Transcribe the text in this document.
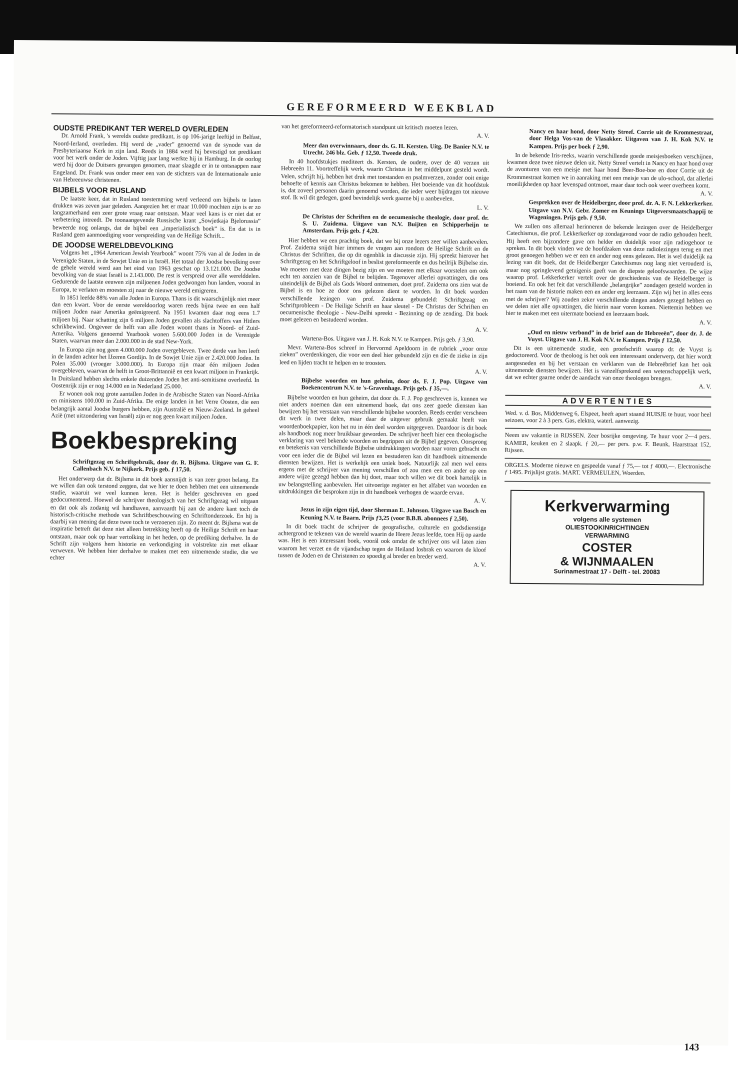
GEREFORMEERD WEEKBLAD
OUDSTE PREDIKANT TER WERELD OVERLEDEN

Dr. Arnold Frank, 's werelds oudste predikant, is op 106-jarige leeftijd in Belfast, Noord-Ierland, overleden. Hij werd de „vader” genoemd van de synode van de Presbyteriaanse Kerk in zijn land. Reeds in 1884 werd hij bevestigd tot predikant voor het werk onder de Joden. Vijftig jaar lang werkte hij in Hamburg. In de oorlog werd hij door de Duitsers gevangen genomen, maar slaagde er in te ontsnappen naar Engeland. Dr. Frank was onder meer een van de stichters van de Internationale unie van Hebreeuwse christenen.

BIJBELS VOOR RUSLAND

De laatste keer, dat in Rusland toestemming werd verleend om bijbels te laten drukken was zeven jaar geleden. Aangezien het er maar 10.000 mochten zijn is er zo langzamerhand een zeer grote vraag naar ontstaan. Maar veel kans is er niet dat er verbetering intreedt. De toonaangevende Russische krant „Sowjetkaja Bjelorussia” beweerde nog onlangs, dat de bijbel een „imperialistisch boek” is. En dat is in Rusland geen aanmoediging voor verspreiding van de Heilige Schrift...

DE JOODSE WERELDBEVOLKING

Volgens het „1964 American Jewish Yearbook” woont 75% van al de Joden in de Verenigde Staten, in de Sowjet Unie en in Israël. Het totaal der Joodse bevolking over de gehele wereld werd aan het eind van 1963 geschat op 13.121.000. De Joodse bevolking van de staat Israël is 2.143.000. De rest is verspreid over alle werelddelen. Gedurende de laatste eeuwen zijn miljoenen Joden gedwongen hun landen, vooral in Europa, te verlaten en moesten zij naar de nieuwe wereld emigreren.

In 1851 leefde 88% van alle Joden in Europa. Thans is dit waarschijnlijk niet meer dan een kwart. Voor de eerste wereldoorlog waren reeds bijna twee en een half miljoen Joden naar Amerika geëmigreerd. Na 1951 kwamen daar nog eens 1.7 miljoen bij. Naar schatting zijn 6 miljoen Joden gevallen als slachtoffers van Hitlers schrikbewind. Ongeveer de helft van alle Joden woont thans in Noord- of Zuid-Amerika. Volgens genoemd Yearbook wonen 5.600.000 Joden in de Verenigde Staten, waarvan meer dan 2.000.000 in de stad New-York.

In Europa zijn nog geen 4.000.000 Joden overgebleven. Twee derde van hen leeft in de landen achter het IJzeren Gordijn. In de Sowjet Unie zijn er 2.420.000 Joden. In Polen 35.000 (vroeger 3.000.000). In Europa zijn maar één miljoen Joden overgebleven, waarvan de helft in Groot-Brittannië en een kwart miljoen in Frankrijk. In Duitsland hebben slechts enkele duizenden Joden het anti-semitisme overleefd. In Oostenrijk zijn er nog 14.000 en in Nederland 25.000.

Er wonen ook nog grote aantallen Joden in de Arabische Staten van Noord-Afrika en ministens 100.000 in Zuid-Afrika. De enige landen in het Verre Oosten, die een belangrijk aantal Joodse burgers hebben, zijn Australië en Nieuw-Zeeland. In geheel Azië (met uitzondering van Israël) zijn er nog geen kwart miljoen Joden.

Boekbespreking

Schriftgezag en Schriftgebruik, door dr. R. Bijlsma. Uitgave van G. F. Callenbach N.V. te Nijkerk. Prijs geb. ƒ 17,50.

Het onderwerp dat dr. Bijlsma in dit boek aansnijdt is van zeer groot belang. En we willen dan ook terstond zeggen, dat we hier te doen hebben met een uitnemende studie, waaruit we veel kunnen leren. Het is helder geschreven en goed gedocumenteerd. Hoewel de schrijver theologisch van het Schriftgezag wil uitgaan en dat ook als zodanig wil handhaven, aanvaardt hij aan de andere kant toch de historisch-critische methode van Schriftbeschouwing en Schriftonderzoek. En hij is daarbij van mening dat deze twee toch te verzoenen zijn. Zo meent dr. Bijlsma wat de inspiratie betreft dat deze niet alleen betrekking heeft op de Heilige Schrift en haar ontstaan, maar ook op haar vertolking in het heden, op de prediking derhalve. In de Schrift zijn volgens hem historie en verkondiging in volstrekte zin met elkaar verweven. We hebben hier derhalve te maken met een uitnemende studie, die we echter

van het gereformeerd-reformatorisch standpunt uit kritisch moeten lezen.

A. V.

Meer dan overwinnaars, door ds. G. H. Kersten. Uitg. De Banier N.V. te Utrecht. 246 blz. Geb. ƒ 12,50. Tweede druk.

In 40 hoofdstukjes mediteert ds. Kersten, de oudere, over de 40 verzen uit Hebreeën 11. Voortreffelijk werk, waarin Christus in het middelpunt gesteld wordt. Velen, schrijft hij, hebben het druk met toestanden en psalmverzen, zonder ooit enige behoefte of kennis aan Christus bekomen te hebben. Het boeiende van dit hoofdstuk is, dat zoveel personen daarin genoemd worden, die ieder weer bijdragen tot nieuwe stof. Ik wil dit gedegen, goed bevindelijk werk gaarne bij u aanbevelen.

L. V.

De Christus der Schriften en de oecumenische theologie, door prof. dr. S. U. Zuidema. Uitgave van N.V. Buijten en Schipperheijn te Amsterdam. Prijs geb. ƒ 4,20.

Hier hebben we een prachtig boek, dat we bij onze lezers zeer willen aanbevelen. Prof. Zuidema snijdt hier immers de vragen aan rondom de Heilige Schrift en de Christus der Schriften, die op dit ogenblik in discussie zijn. Hij spreekt hierover het Schriftgezag en het Schriftgeloof in beslist gereformeerde en dus heilrijk Bijbelse zin. We moeten met deze dingen bezig zijn en we moeten met elkaar worstelen om ook echt ten aanzien van de Bijbel te belijden. Tegenover allerlei opvattingen, die ons uiteindelijk de Bijbel als Gods Woord ontnemen, doet prof. Zuidema ons zien wat de Bijbel is en hoe ze door ons gelezen dient te worden. In dit boek worden verschillende lezingen van prof. Zuidema gebundeld: Schriftgezag en Schriftprobleem - De Heilige Schrift en haar sleutel - De Christus der Schriften en oecumenische theologie - New-Delhi spreekt - Bezinning op de zending. Dit boek moet gelezen en bestudeerd worden.

A. V.

Wartena-Bos. Uitgave van J. H. Kok N.V. te Kampen. Prijs geb. ƒ 3,90.

Mevr. Wartena-Bos schreef in Hervormd Apeldoorn in de rubriek „voor onze zieken” overdenkingen, die voor een deel hier gebundeld zijn en die de zieke in zijn leed en lijden tracht te helpen en te troosten.

A. V.

Bijbelse woorden en hun geheim, door ds. F. J. Pop. Uitgave van Boekencentrum N.V. te 's-Gravenhage. Prijs geb. ƒ 35,—.

Bijbelse woorden en hun geheim, dat door ds. F. J. Pop geschreven is, kunnen we niet anders noemen dan een uitnemend boek, dat ons zeer goede diensten kan bewijzen bij het verstaan van verschillende bijbelse woorden. Reeds eerder verscheen dit werk in twee delen, maar daar de uitgever gebruik gemaakt heeft van woordenboekpapier, kon het nu in één deel worden uitgegeven. Daardoor is dit boek als handboek nog meer bruikbaar geworden. De schrijver heeft hier een theologische verklaring van veel bekende woorden en begrippen uit de Bijbel gegeven. Oorsprong en betekenis van verschillende Bijbelse uitdrukkingen worden naar voren gebracht en voor een ieder die de Bijbel wil lezen en bestuderen kan dit handboek uitnemende diensten bewijzen. Het is werkelijk een uniek boek. Natuurlijk zal men wel eens ergens met de schrijver van mening verschillen of zou men een en ander op een andere wijze gezegd hebben dan hij doet, maar toch willen we dit boek hartelijk in uw belangstelling aanbevelen. Het uitvoerige register en het alfabet van woorden en uitdrukkingen die besproken zijn in dit handboek verhogen de waarde ervan.

A. V.

Jezus in zijn eigen tijd, door Sherman E. Johnson. Uitgave van Bosch en Keuning N.V. te Baarn. Prijs ƒ3,25 (voor B.B.B. abonnees ƒ 2,50).

In dit boek tracht de schrijver de geografische, culturele en godsdienstige achtergrond te tekenen van de wereld waarin de Heere Jezus leefde, toen Hij op aarde was. Het is een interessant boek, voorál ook omdat de schrijver ons wil laten zien waarom het verzet en de vijandschap tegen de Heiland losbrak en waarom de kloof tussen de Joden en de Christenen zo spoedig al breder en breder werd.

A. V.

Nancy en haar hond, door Netty Streef. Corrie uit de Krommestraat, door Helga Vos-van de Vlasakker. Uitgaven van J. H. Kok N.V. te Kampen. Prijs per boek ƒ 2,90.

In de bekende Iris-reeks, waarin verschillende goede meisjesboeken verschijnen, kwamen deze twee nieuwe delen uit. Netty Streef vertelt in Nancy en haar hond over de avonturen van een meisje met haar hond Beer-Boe-boe en door Corrie uit de Krommestraat komen we in aanraking met een meisje van de ulo-school, dat allerlei moeilijkheden op haar levenspad ontmoet, maar daar toch ook weer overheen komt.

A. V.

Gesprekken over de Heidelberger, door prof. dr. A. F. N. Lekkerkerker. Uitgave van N.V. Gebr. Zomer en Keunings Uitgeversmaatschappij te Wageningen. Prijs geb. ƒ 9,50.

We zullen ons allemaal herinneren de bekende lezingen over de Heidelberger Catechismus, die prof. Lekkerkerker op zondagavond voor de radio gehouden heeft. Hij heeft een bijzondere gave om helder en duidelijk voor zijn radiogehoor te spreken. In dit boek vinden we de hoofdzaken van deze radiolezingen terug en met groot genoegen hebben we er een en ander nog eens gelezen. Het is wel duidelijk na lezing van dit boek, dat de Heidelberger Catechismus nog lang niet verouderd is, maar nog springlevend getuigenis geeft van de diepste geloofswaarden. De wijze waarop prof. Lekkerkerker vertelt over de geschiedenis van de Heidelberger is boeiend. En ook het feit dat verschillende „belangrijke” zondagen gesteld worden in het raam van de historie maken een en ander erg leerzaam. Zijn wij het in alles eens met de schrijver? Wij zouden zeker verschillende dingen anders gezegd hebben en we delen niet alle opvattingen, die hierin naar voren komen. Niettemin hebben we hier te maken met een uitermate boeiend en leerzaam boek.

A. V.

„Oud en nieuw verbond” in de brief aan de Hebreeën”, door dr. J. de Vuyst. Uitgave van J. H. Kok N.V. te Kampen. Prijs ƒ 12,50.

Dit is een uitnemende studie, een proefschrift waarop dr. de Vuyst is gedoctoreerd. Voor de theoloog is het ook een interessant onderwerp, dat hier wordt aangesneden en bij het verstaan en verklaren van de Hebreëbrief kan het ook uitnemende diensten bewijzen. Het is vanzelfsprekend een wetenschappelijk werk, dat we echter gaarne onder de aandacht van onze theologen brengen.

A. V.

ADVERTENTIES

Wed. v. d. Bos, Middenweg 6, Elspeet, heeft apart staand HUISJE te huur, voor heel seizoen, voor 2 à 3 pers. Gas, elektra, waterl. aanwezig.

Neem uw vakantie in RIJSSEN. Zeer bosrijke omgeving. Te huur voor 2—4 pers. KAMER, keuken en 2 slaapk. ƒ 20,— per pers. p.w. F. Beunk, Haarstraat 152, Rijssen.

ORGELS. Moderne nieuwe en gespeelde vanaf ƒ 75,— tot ƒ 4000,—. Electronische ƒ 1495. Prijslijst gratis. MART. VERMEULEN, Woerden.

Kerkverwarming
volgens alle systemen
OLIESTOOKINRICHTINGEN
VERWARMING
COSTER
& WIJNMAALEN
Surinamestraat 17 - Delft - tel. 20083
143
